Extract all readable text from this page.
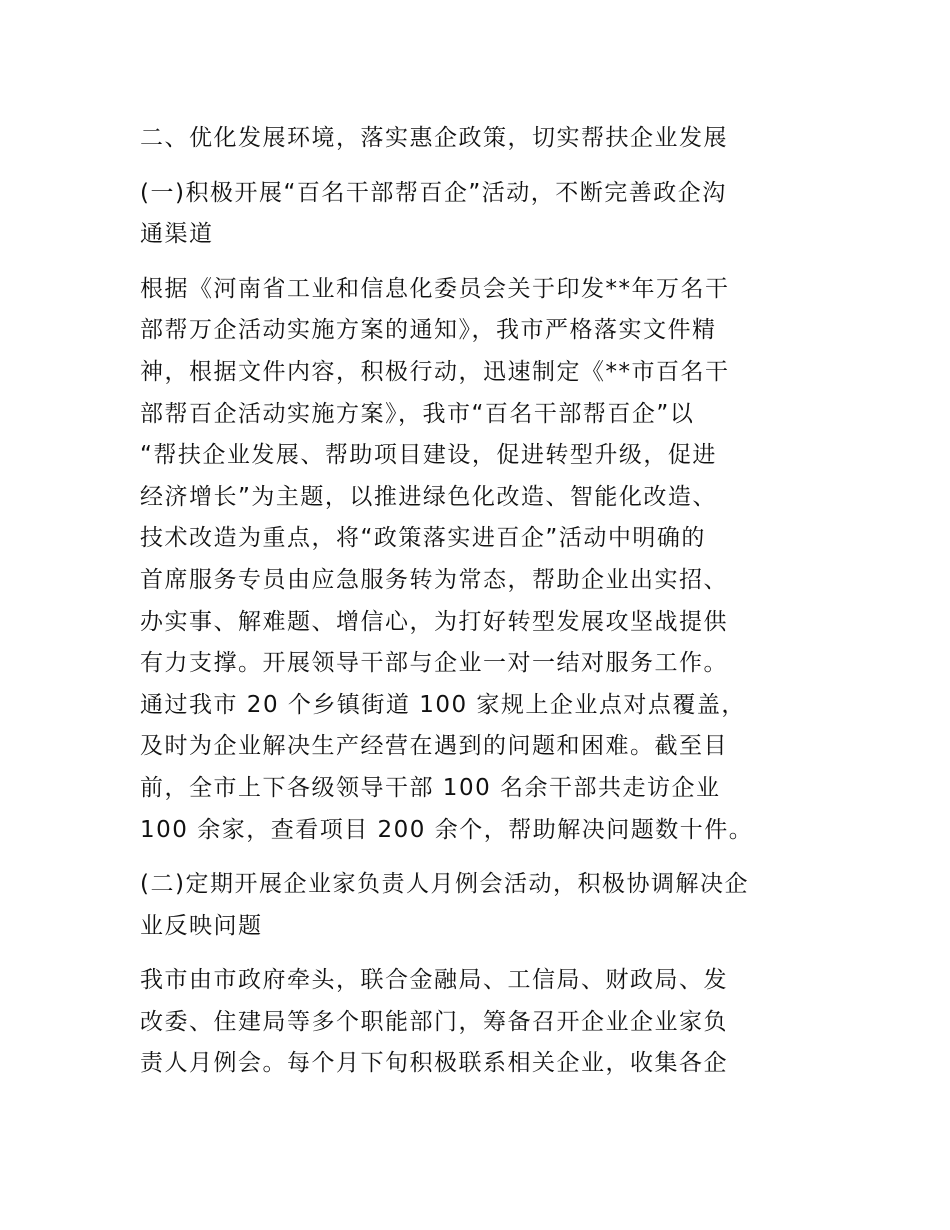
二、优化发展环境，落实惠企政策，切实帮扶企业发展

(一)积极开展“百名干部帮百企”活动，不断完善政企沟
通渠道

根据《河南省工业和信息化委员会关于印发**年万名干
部帮万企活动实施方案的通知》，我市严格落实文件精
神，根据文件内容，积极行动，迅速制定《**市百名干
部帮百企活动实施方案》，我市“百名干部帮百企”以
“帮扶企业发展、帮助项目建设，促进转型升级，促进
经济增长”为主题，以推进绿色化改造、智能化改造、
技术改造为重点，将“政策落实进百企”活动中明确的
首席服务专员由应急服务转为常态，帮助企业出实招、
办实事、解难题、增信心，为打好转型发展攻坚战提供
有力支撑。开展领导干部与企业一对一结对服务工作。
通过我市 20 个乡镇街道 100 家规上企业点对点覆盖，
及时为企业解决生产经营在遇到的问题和困难。截至目
前，全市上下各级领导干部 100 名余干部共走访企业
100 余家，查看项目 200 余个，帮助解决问题数十件。

(二)定期开展企业家负责人月例会活动，积极协调解决企
业反映问题

我市由市政府牵头，联合金融局、工信局、财政局、发
改委、住建局等多个职能部门，筹备召开企业企业家负
责人月例会。每个月下旬积极联系相关企业，收集各企
